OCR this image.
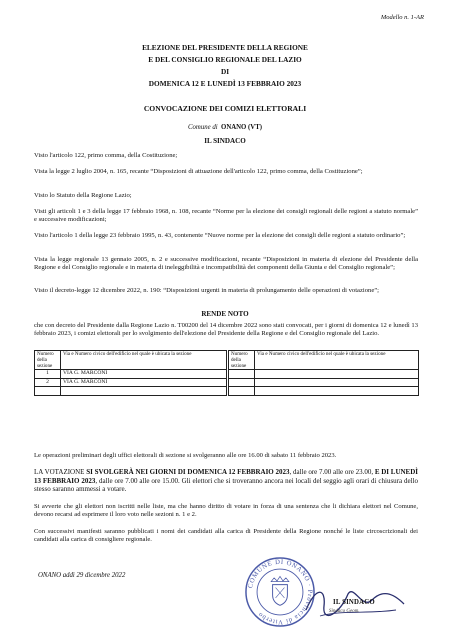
Modello n. 1-AR
ELEZIONE DEL PRESIDENTE DELLA REGIONE
E DEL CONSIGLIO REGIONALE DEL LAZIO
DI
DOMENICA 12 E LUNEDÌ 13 FEBBRAIO 2023
CONVOCAZIONE DEI COMIZI ELETTORALI
Comune di ONANO (VT)
IL SINDACO
Visto l'articolo 122, primo comma, della Costituzione;
Vista la legge 2 luglio 2004, n. 165, recante “Disposizioni di attuazione dell'articolo 122, primo comma, della Costituzione”;
Visto lo Statuto della Regione Lazio;
Visti gli articoli 1 e 3 della legge 17 febbraio 1968, n. 108, recante “Norme per la elezione dei consigli regionali delle regioni a statuto normale” e successive modificazioni;
Visto l'articolo 1 della legge 23 febbraio 1995, n. 43, contenente “Nuove norme per la elezione dei consigli delle regioni a statuto ordinario”;
Vista la legge regionale 13 gennaio 2005, n. 2 e successive modificazioni, recante “Disposizioni in materia di elezione del Presidente della Regione e del Consiglio regionale e in materia di ineleggibilità e incompatibilità dei componenti della Giunta e del Consiglio regionale”;
Visto il decreto-legge 12 dicembre 2022, n. 190: “Disposizioni urgenti in materia di prolungamento delle operazioni di votazione”;
RENDE NOTO
che con decreto del Presidente dalla Regione Lazio n. T00200 del 14 dicembre 2022 sono stati convocati, per i giorni di domenica 12 e lunedì 13 febbraio 2023, i comizi elettorali per lo svolgimento dell'elezione del Presidente della Regione e del Consiglio regionale del Lazio.
Numero della sezione	Via e Numero civico dell'edificio nel quale è ubicata la sezione
1	VIA G. MARCONI
2	VIA G. MARCONI

Numero della sezione	Via e Numero civico dell'edificio nel quale è ubicata la sezione

Le operazioni preliminari degli uffici elettorali di sezione si svolgeranno alle ore 16.00 di sabato 11 febbraio 2023.
LA VOTAZIONE SI SVOLGERÀ NEI GIORNI DI DOMENICA 12 FEBBRAIO 2023, dalle ore 7.00 alle ore 23.00, E DI LUNEDÌ 13 FEBBRAIO 2023, dalle ore 7.00 alle ore 15.00. Gli elettori che si troveranno ancora nei locali del seggio agli orari di chiusura dello stesso saranno ammessi a votare.
Si avverte che gli elettori non iscritti nelle liste, ma che hanno diritto di votare in forza di una sentenza che li dichiara elettori nel Comune, devono recarsi ad esprimere il loro voto nelle sezioni n. 1 e 2.
Con successivi manifesti saranno pubblicati i nomi dei candidati alla carica di Presidente della Regione nonché le liste circoscrizionali dei candidati alla carica di consigliere regionale.
ONANO addì 29 dicembre 2022
COMUNE DI ONANO · Provincia di Viterbo
IL SINDACO
Sindaco Geom.
